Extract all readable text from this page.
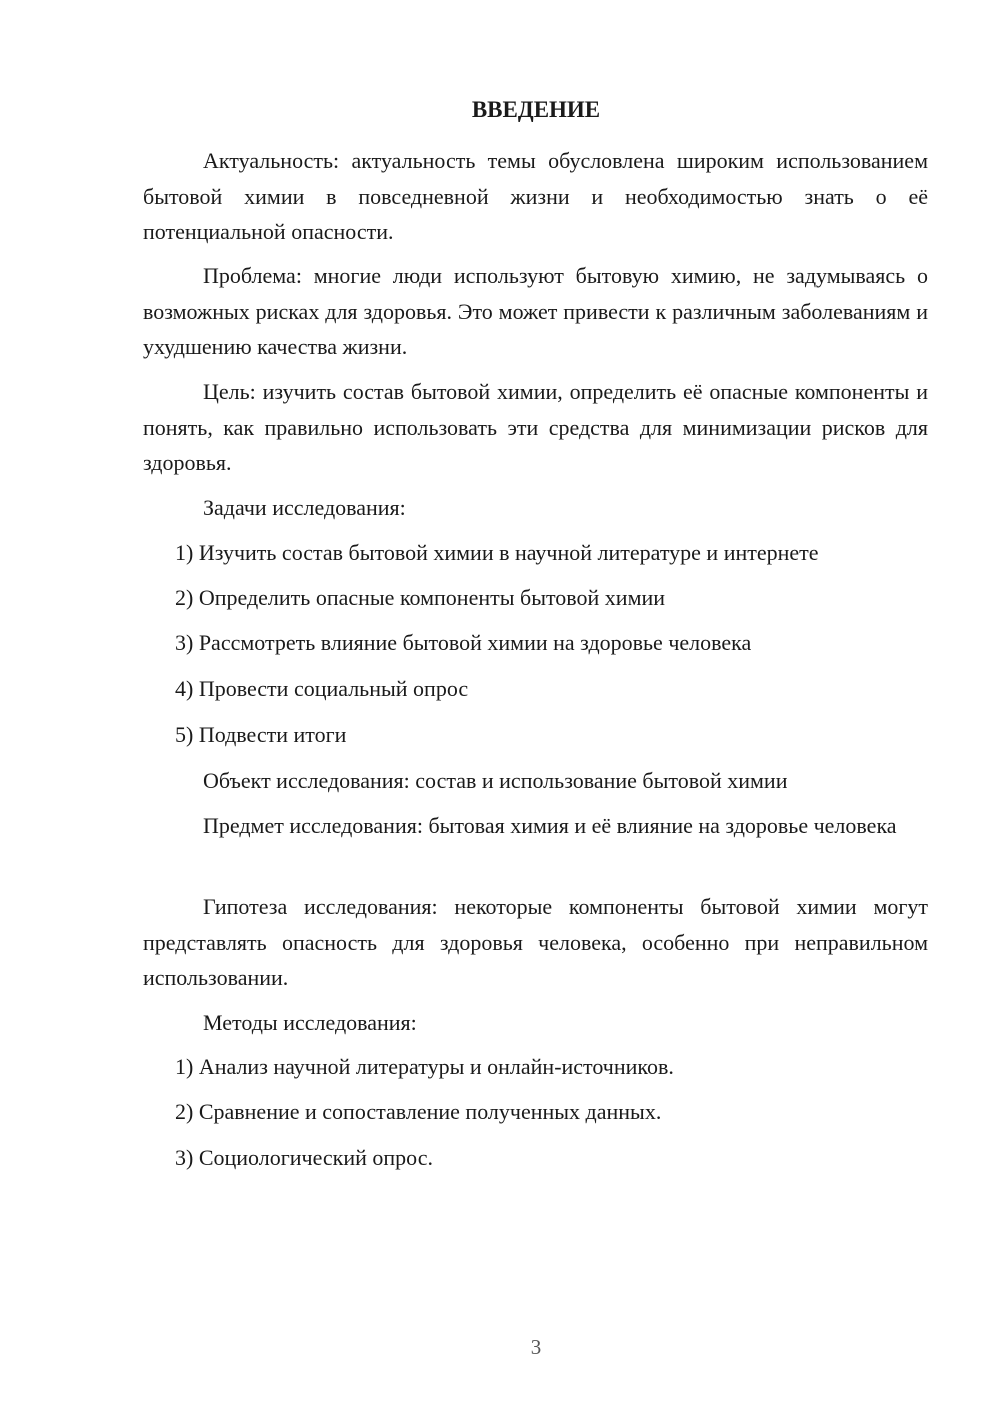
ВВЕДЕНИЕ

Актуальность: актуальность темы обусловлена широким использованием бытовой химии в повседневной жизни и необходимостью знать о её потенциальной опасности.

Проблема: многие люди используют бытовую химию, не задумываясь о возможных рисках для здоровья. Это может привести к различным заболеваниям и ухудшению качества жизни.

Цель: изучить состав бытовой химии, определить её опасные компоненты и понять, как правильно использовать эти средства для минимизации рисков для здоровья.

Задачи исследования:

1) Изучить состав бытовой химии в научной литературе и интернете

2) Определить опасные компоненты бытовой химии

3) Рассмотреть влияние бытовой химии на здоровье человека

4) Провести социальный опрос

5) Подвести итоги

Объект исследования: состав и использование бытовой химии

Предмет исследования: бытовая химия и её влияние на здоровье человека

Гипотеза исследования: некоторые компоненты бытовой химии могут представлять опасность для здоровья человека, особенно при неправильном использовании.

Методы исследования:

1) Анализ научной литературы и онлайн-источников.

2) Сравнение и сопоставление полученных данных.

3) Социологический опрос.

3
